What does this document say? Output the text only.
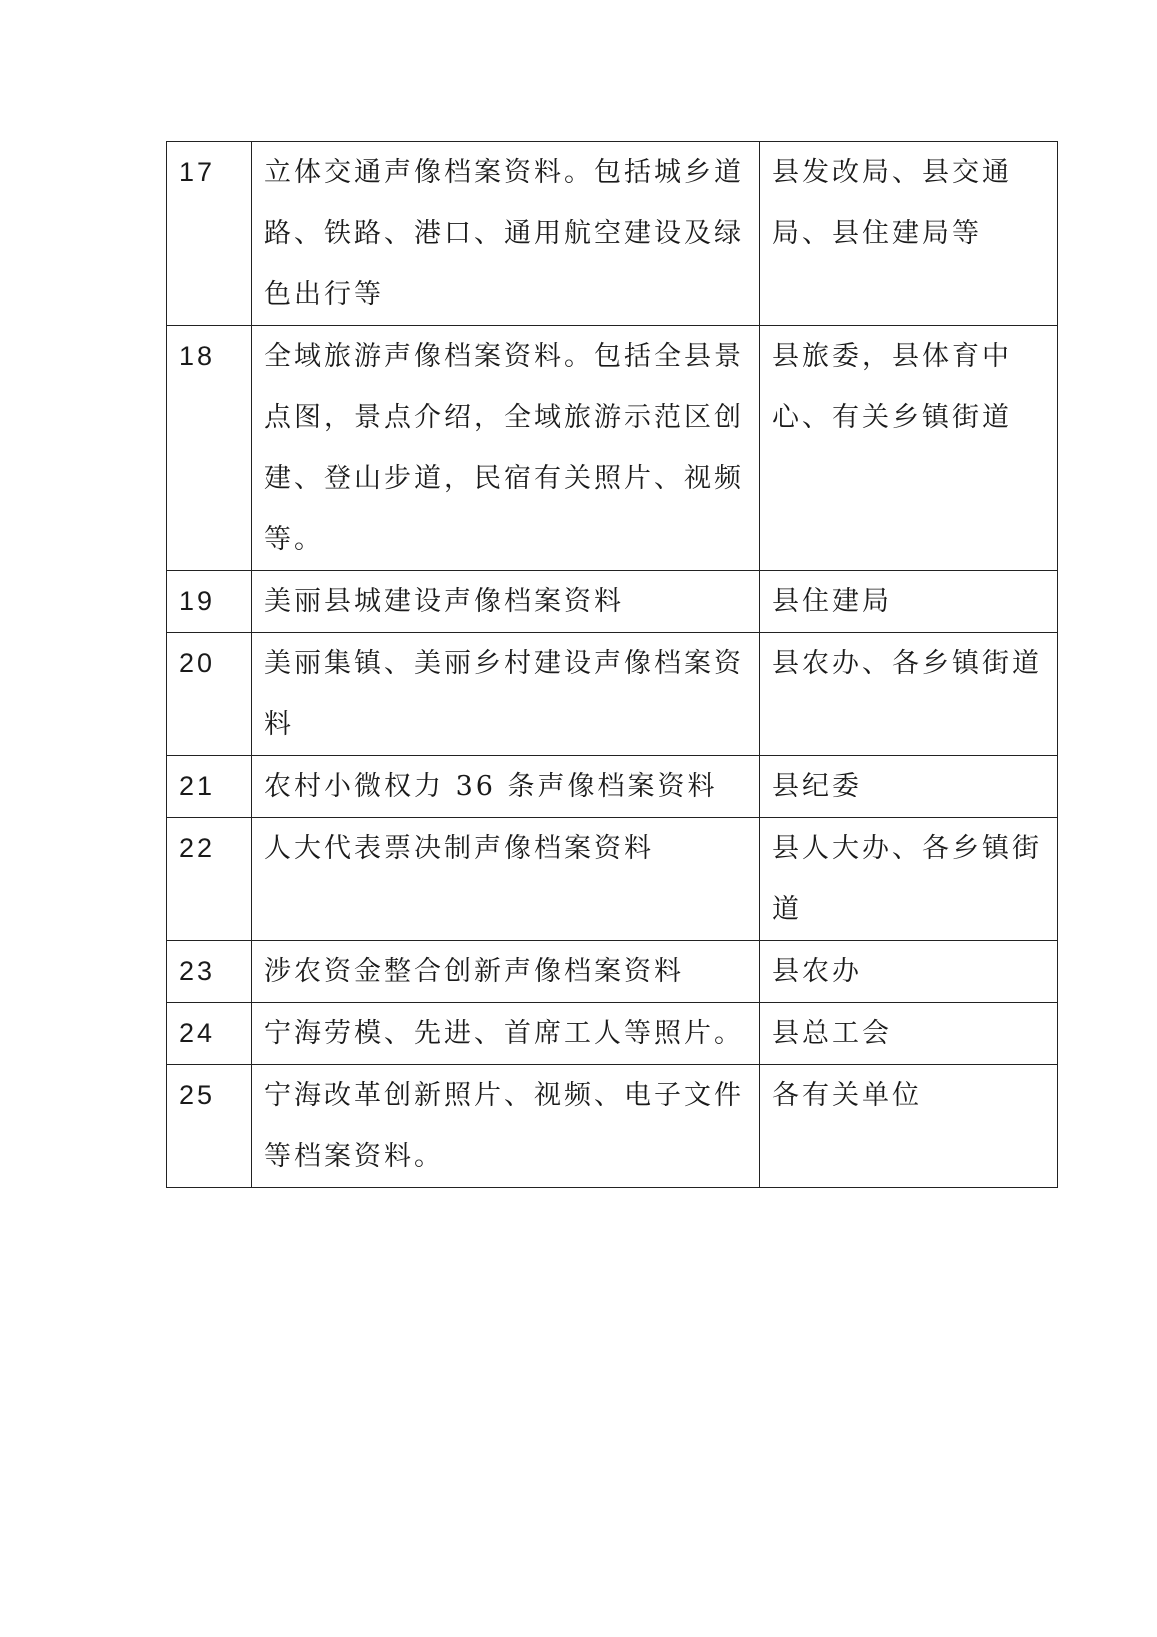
17	立体交通声像档案资料。包括城乡道路、铁路、港口、通用航空建设及绿色出行等	县发改局、县交通局、县住建局等
18	全域旅游声像档案资料。包括全县景点图，景点介绍，全域旅游示范区创建、登山步道，民宿有关照片、视频等。	县旅委，县体育中心、有关乡镇街道
19	美丽县城建设声像档案资料	县住建局
20	美丽集镇、美丽乡村建设声像档案资料	县农办、各乡镇街道
21	农村小微权力 36 条声像档案资料	县纪委
22	人大代表票决制声像档案资料	县人大办、各乡镇街道
23	涉农资金整合创新声像档案资料	县农办
24	宁海劳模、先进、首席工人等照片。	县总工会
25	宁海改革创新照片、视频、电子文件等档案资料。	各有关单位
